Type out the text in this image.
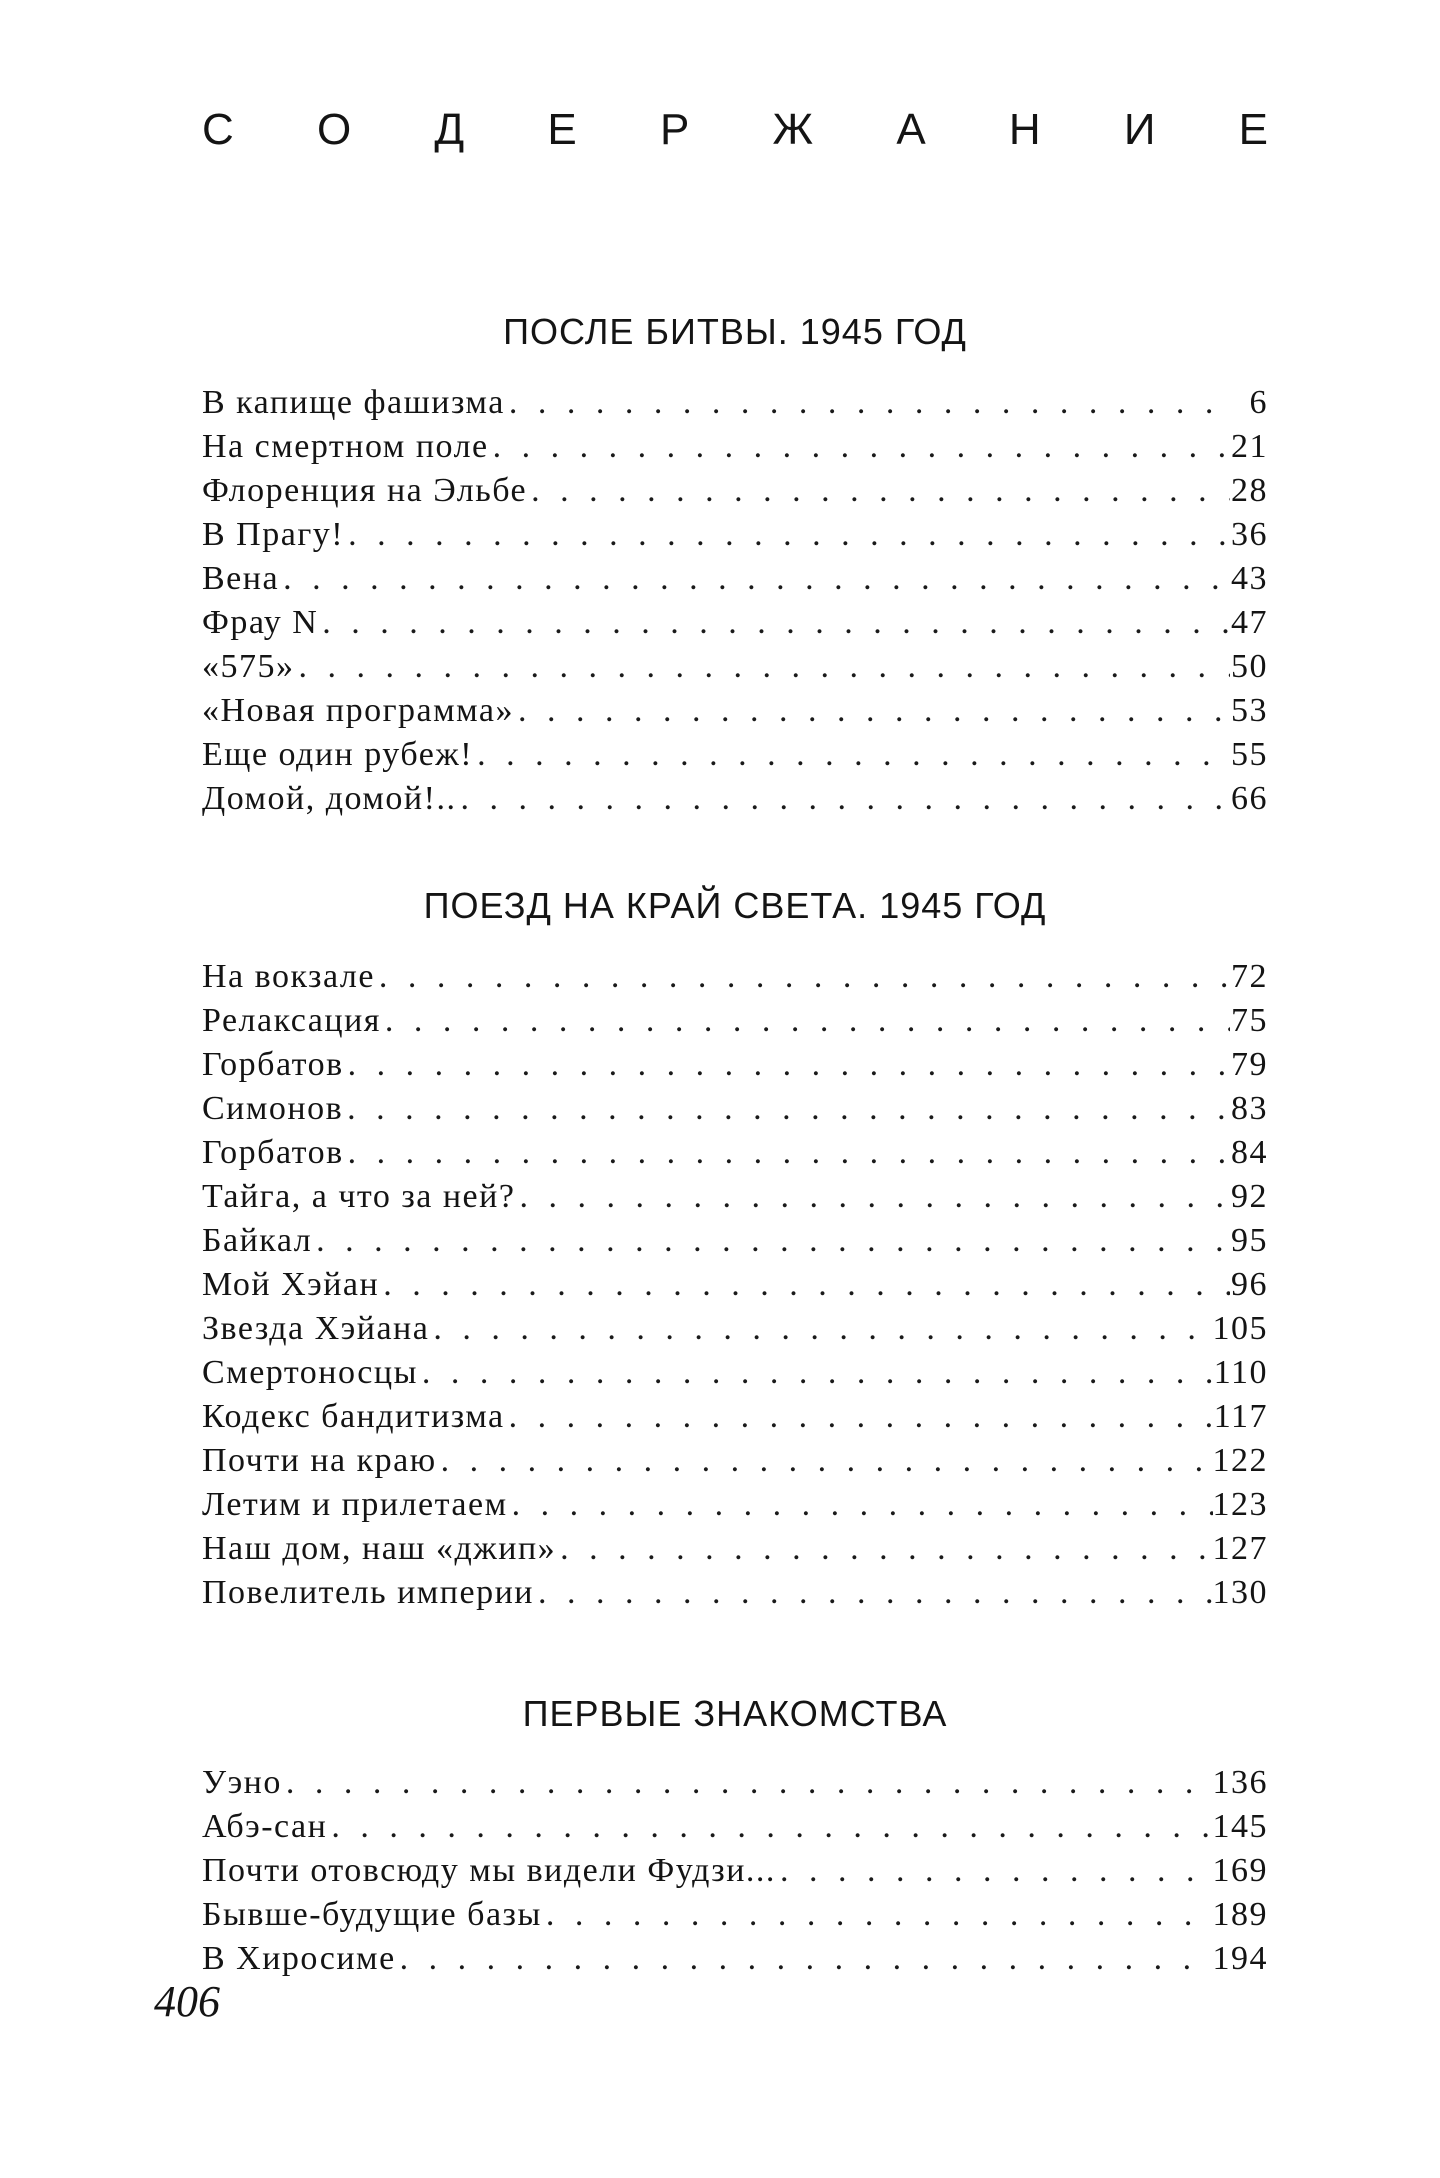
С О Д Е Р Ж А Н И Е
ПОСЛЕ БИТВЫ. 1945 ГОД
В капище фашизма . . .	6
На смертном поле . . .	21
Флоренция на Эльбе . . .	28
В Прагу! . . .	36
Вена . . .	43
Фрау N . . .	47
«575» . . .	50
«Новая программа» . . .	53
Еще один рубеж! . . .	55
Домой, домой!.. . . .	66
ПОЕЗД НА КРАЙ СВЕТА. 1945 ГОД
На вокзале . . .	72
Релаксация . . .	75
Горбатов . . .	79
Симонов . . .	83
Горбатов . . .	84
Тайга, а что за ней? . . .	92
Байкал . . .	95
Мой Хэйан . . .	96
Звезда Хэйана . . .	105
Смертоносцы . . .	110
Кодекс бандитизма . . .	117
Почти на краю . . .	122
Летим и прилетаем . . .	123
Наш дом, наш «джип» . . .	127
Повелитель империи . . .	130
ПЕРВЫЕ ЗНАКОМСТВА
Уэно . . .	136
Абэ-сан . . .	145
Почти отовсюду мы видели Фудзи... . . .	169
Бывше-будущие базы . . .	189
В Хиросиме . . .	194
406
